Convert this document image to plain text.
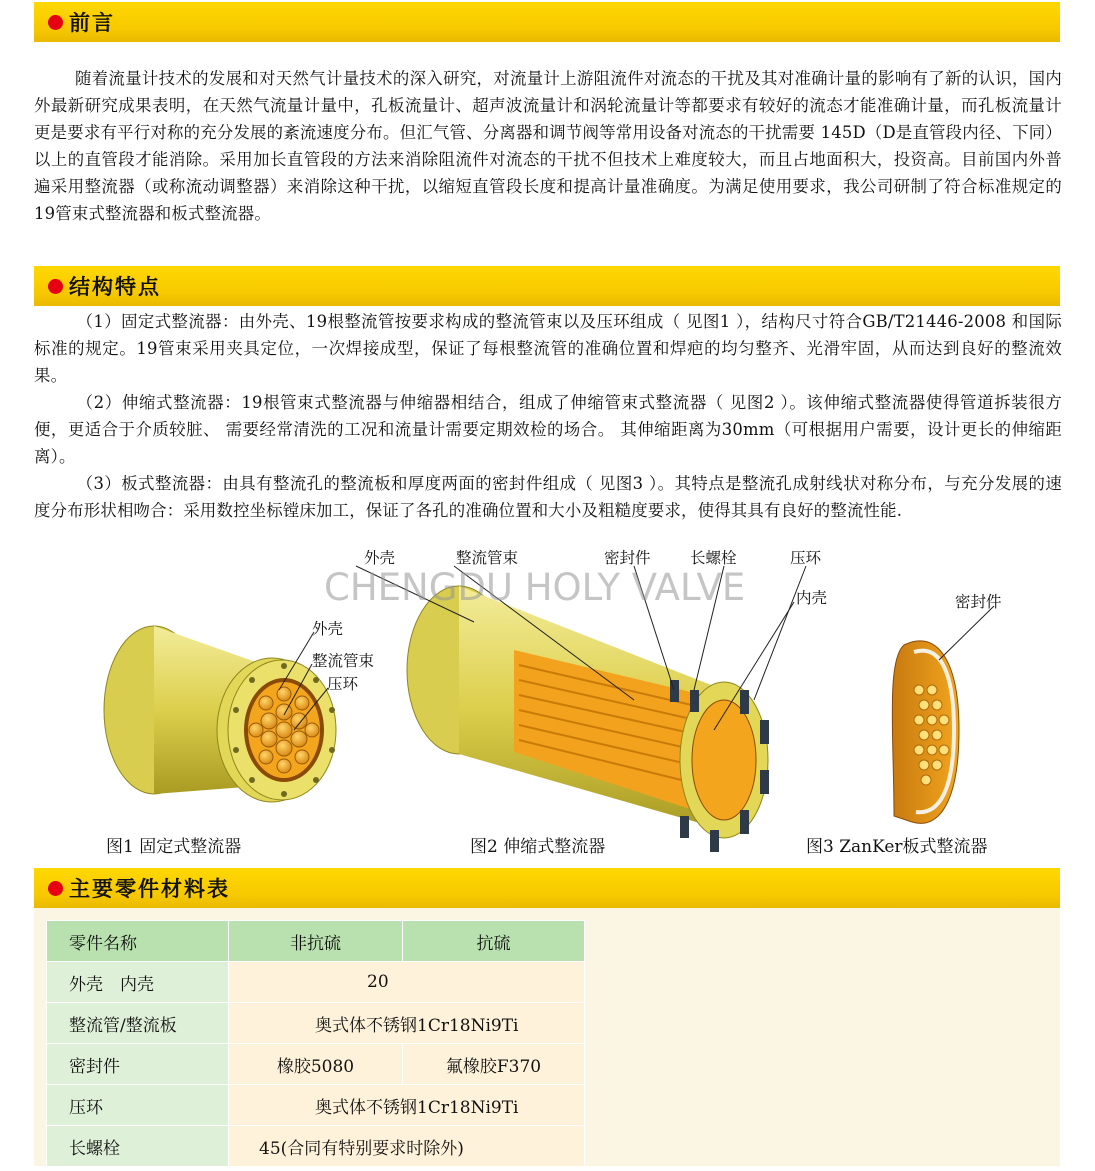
前言

随着流量计技术的发展和对天然气计量技术的深入研究，对流量计上游阻流件对流态的干扰及其对准确计量的影响有了新的认识，国内外最新研究成果表明，在天然气流量计量中，孔板流量计、超声波流量计和涡轮流量计等都要求有较好的流态才能准确计量，而孔板流量计更是要求有平行对称的充分发展的紊流速度分布。但汇气管、分离器和调节阀等常用设备对流态的干扰需要 145D（D是直管段内径、下同）以上的直管段才能消除。采用加长直管段的方法来消除阻流件对流态的干扰不但技术上难度较大，而且占地面积大，投资高。目前国内外普遍采用整流器（或称流动调整器）来消除这种干扰，以缩短直管段长度和提高计量准确度。为满足使用要求，我公司研制了符合标准规定的19管束式整流器和板式整流器。

结构特点

（1）固定式整流器：由外壳、19根整流管按要求构成的整流管束以及压环组成（ 见图1 ），结构尺寸符合GB/T21446-2008 和国际标准的规定。19管束采用夹具定位，一次焊接成型，保证了每根整流管的准确位置和焊疤的均匀整齐、光滑牢固，从而达到良好的整流效果。

（2）伸缩式整流器：19根管束式整流器与伸缩器相结合，组成了伸缩管束式整流器（ 见图2 ）。该伸缩式整流器使得管道拆装很方便，更适合于介质较脏、 需要经常清洗的工况和流量计需要定期效检的场合。 其伸缩距离为30mm（可根据用户需要，设计更长的伸缩距离）。

（3）板式整流器：由具有整流孔的整流板和厚度两面的密封件组成（ 见图3 ）。其特点是整流孔成射线状对称分布，与充分发展的速度分布形状相吻合：采用数控坐标镗床加工，保证了各孔的准确位置和大小及粗糙度要求，使得其具有良好的整流性能.

CHENGDU HOLY VALVE
外壳
整流管束
压环
外壳	整流管束	密封件	长螺栓	压环
内壳	密封件
图1 固定式整流器	图2 伸缩式整流器	图3 ZanKer板式整流器
主要零件材料表
零件名称	非抗硫	抗硫
外壳　内壳	20	
整流管/整流板	奥式体不锈钢1Cr18Ni9Ti	
密封件	橡胶5080	氟橡胶F370
压环	奥式体不锈钢1Cr18Ni9Ti	
长螺栓	45(合同有特别要求时除外)	
